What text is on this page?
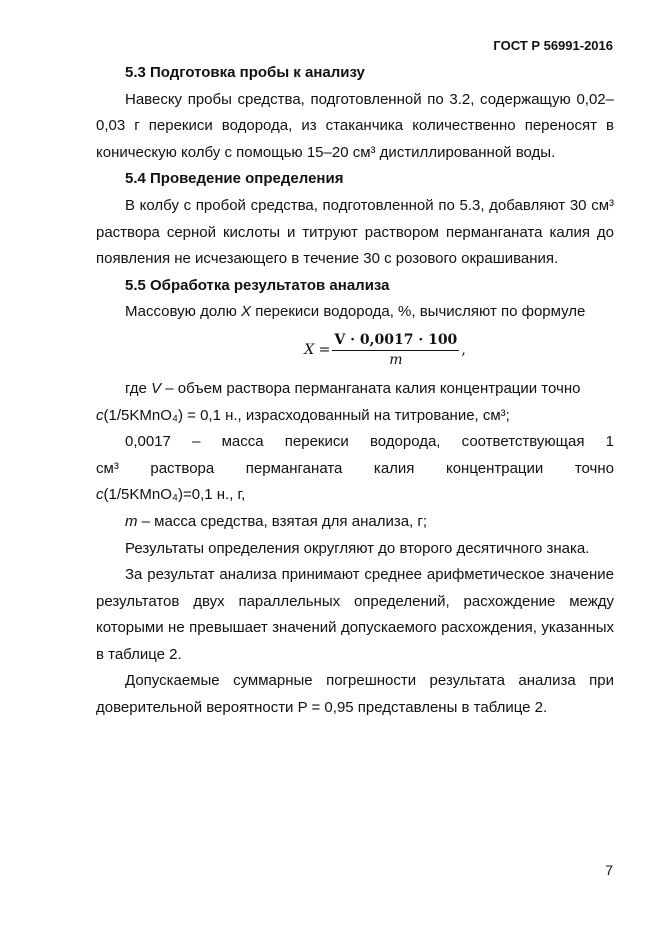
ГОСТ Р 56991-2016

5.3 Подготовка пробы к анализу

Навеску пробы средства, подготовленной по 3.2, содержащую 0,02–0,03 г перекиси водорода, из стаканчика количественно переносят в коническую колбу с помощью 15–20 см³ дистиллированной воды.

5.4 Проведение определения

В колбу с пробой средства, подготовленной по 5.3, добавляют 30 см³ раствора серной кислоты и титруют раствором перманганата калия до появления не исчезающего в течение 30 с розового окрашивания.

5.5 Обработка результатов анализа

Массовую долю X перекиси водорода, %, вычисляют по формуле

$X = \frac{V \cdot 0,0017 \cdot 100}{m}$ ,

где V – объем раствора перманганата калия концентрации точно
c(1/5KMnO₄) = 0,1 н., израсходованный на титрование, см³;

0,0017 – масса перекиси водорода, соответствующая 1
см³ раствора перманганата калия концентрации точно
c(1/5KMnO₄)=0,1 н., г,

m – масса средства, взятая для анализа, г;

Результаты определения округляют до второго десятичного знака.

За результат анализа принимают среднее арифметическое значение результатов двух параллельных определений, расхождение между которыми не превышает значений допускаемого расхождения, указанных в таблице 2.

Допускаемые суммарные погрешности результата анализа при доверительной вероятности P = 0,95 представлены в таблице 2.

7
